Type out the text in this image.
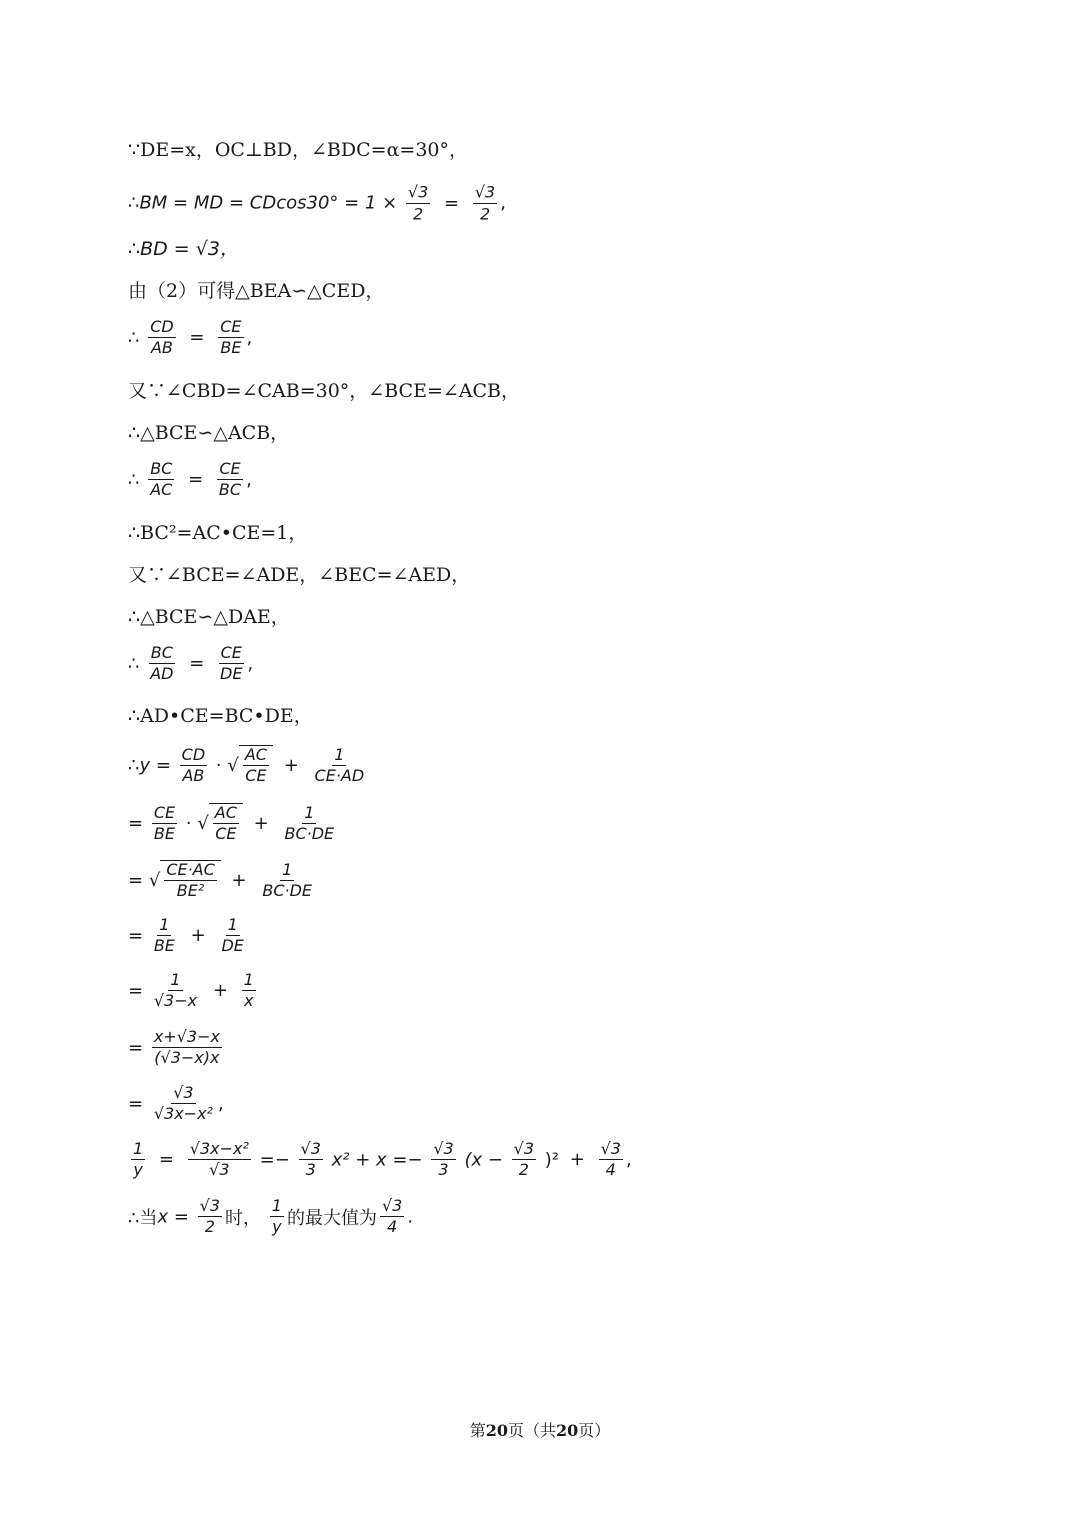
∵DE=x，OC⊥BD，∠BDC=α=30°，
∴BM = MD = $CDcos30^\circ = 1 \times \frac{√3}{2} = \frac{√3}{2}$ ,
∴BD = √3，
由（2）可得△BEA∽△CED，
∴ $\frac{CD}{AB} = \frac{CE}{BE}$ ,
又∵∠CBD=∠CAB=30°，∠BCE=∠ACB，
∴△BCE∽△ACB，
∴ $\frac{BC}{AC} = \frac{CE}{BC}$ ,
∴BC²=AC•CE=1，
又∵∠BCE=∠ADE，∠BEC=∠AED，
∴△BCE∽△DAE，
∴ $\frac{BC}{AD} = \frac{CE}{DE}$ ,
∴AD•CE=BC•DE，
∴y = $\frac{CD}{AB}$ · √ $\frac{AC}{CE} + \frac{1}{CE\cdot AD}$
= $\frac{CE}{BE}$ · √ $\frac{AC}{CE} + \frac{1}{BC\cdot DE}$
= √ $\frac{CE\cdot AC}{\text{BE²}} + \frac{1}{BC\cdot DE}$
= $\frac{1}{BE} + \frac{1}{DE}$
= $\frac{1}{√3-x} + \frac{1}{x}$
= $\frac{x+√3-x}{(√3-x)x}$
= $\frac{√3}{\text{√3x−x²}}$ ,
$\frac{1}{y} = \frac{\text{√3x−x²}}{√3} =- \frac{√3}{3} x^2 + x =- \frac{√3}{3} (x - \frac{√3}{2} )^2 + \frac{√3}{4}$ ,
∴当$x = \frac{√3}{2}$ 时， $\frac{1}{y}$ 的最大值为 $\frac{√3}{4}$ .
第20页（共20页）
